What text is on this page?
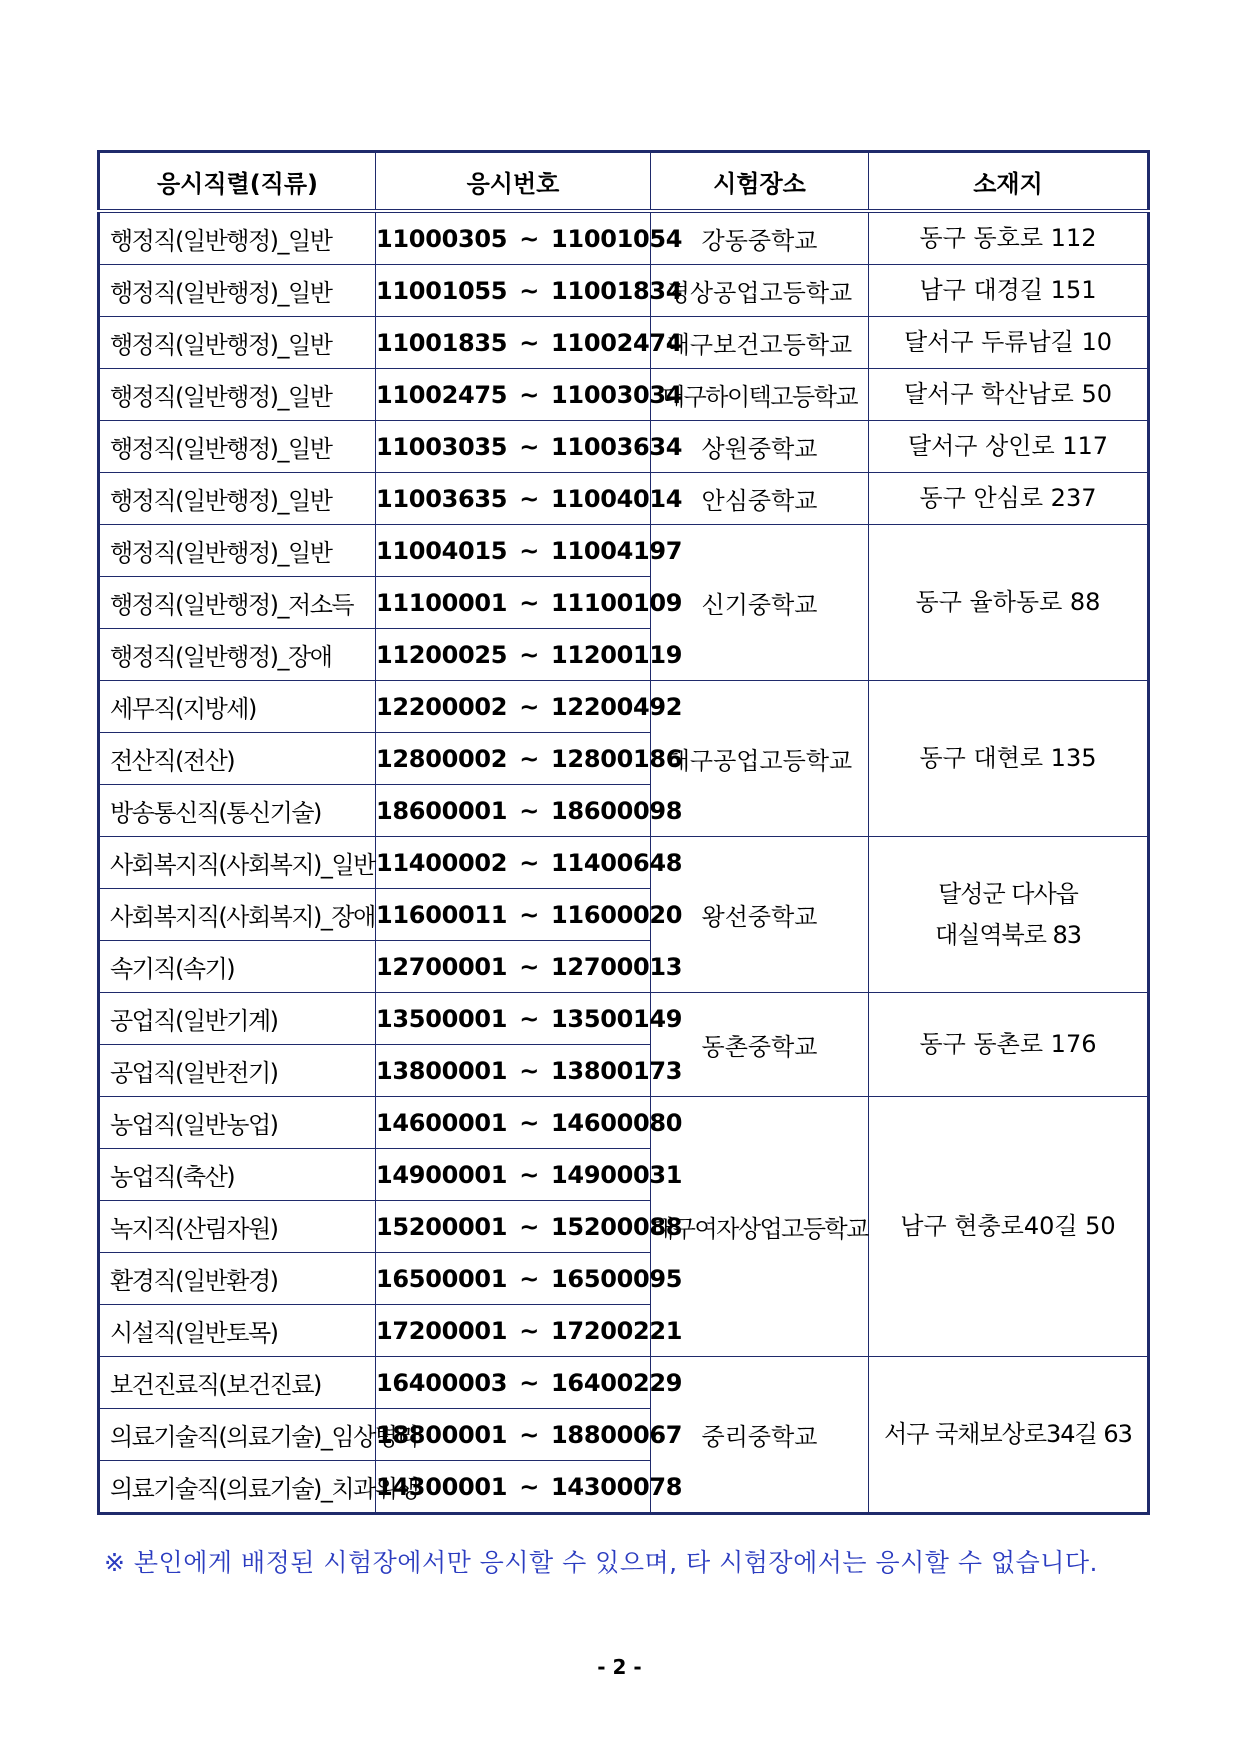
응시직렬(직류)	응시번호	시험장소	소재지
행정직(일반행정)_일반	11000305 ~ 11001054	강동중학교	동구 동호로 112
행정직(일반행정)_일반	11001055 ~ 11001834	경상공업고등학교	남구 대경길 151
행정직(일반행정)_일반	11001835 ~ 11002474	대구보건고등학교	달서구 두류남길 10
행정직(일반행정)_일반	11002475 ~ 11003034	대구하이텍고등학교	달서구 학산남로 50
행정직(일반행정)_일반	11003035 ~ 11003634	상원중학교	달서구 상인로 117
행정직(일반행정)_일반	11003635 ~ 11004014	안심중학교	동구 안심로 237
행정직(일반행정)_일반	11004015 ~ 11004197	신기중학교	동구 율하동로 88
행정직(일반행정)_저소득	11100001 ~ 11100109		
행정직(일반행정)_장애	11200025 ~ 11200119		
세무직(지방세)	12200002 ~ 12200492	대구공업고등학교	동구 대현로 135
전산직(전산)	12800002 ~ 12800186		
방송통신직(통신기술)	18600001 ~ 18600098		
사회복지직(사회복지)_일반	11400002 ~ 11400648	왕선중학교	달성군 다사읍
대실역북로 83
사회복지직(사회복지)_장애	11600011 ~ 11600020		
속기직(속기)	12700001 ~ 12700013		
공업직(일반기계)	13500001 ~ 13500149	동촌중학교	동구 동촌로 176
공업직(일반전기)	13800001 ~ 13800173		
농업직(일반농업)	14600001 ~ 14600080	대구여자상업고등학교	남구 현충로40길 50
농업직(축산)	14900001 ~ 14900031		
녹지직(산림자원)	15200001 ~ 15200088		
환경직(일반환경)	16500001 ~ 16500095		
시설직(일반토목)	17200001 ~ 17200221		
보건진료직(보건진료)	16400003 ~ 16400229	중리중학교	서구 국채보상로34길 63
의료기술직(의료기술)_임상병리	18800001 ~ 18800067		
의료기술직(의료기술)_치과위생	14300001 ~ 14300078		
※ 본인에게 배정된 시험장에서만 응시할 수 있으며, 타 시험장에서는 응시할 수 없습니다.
- 2 -
